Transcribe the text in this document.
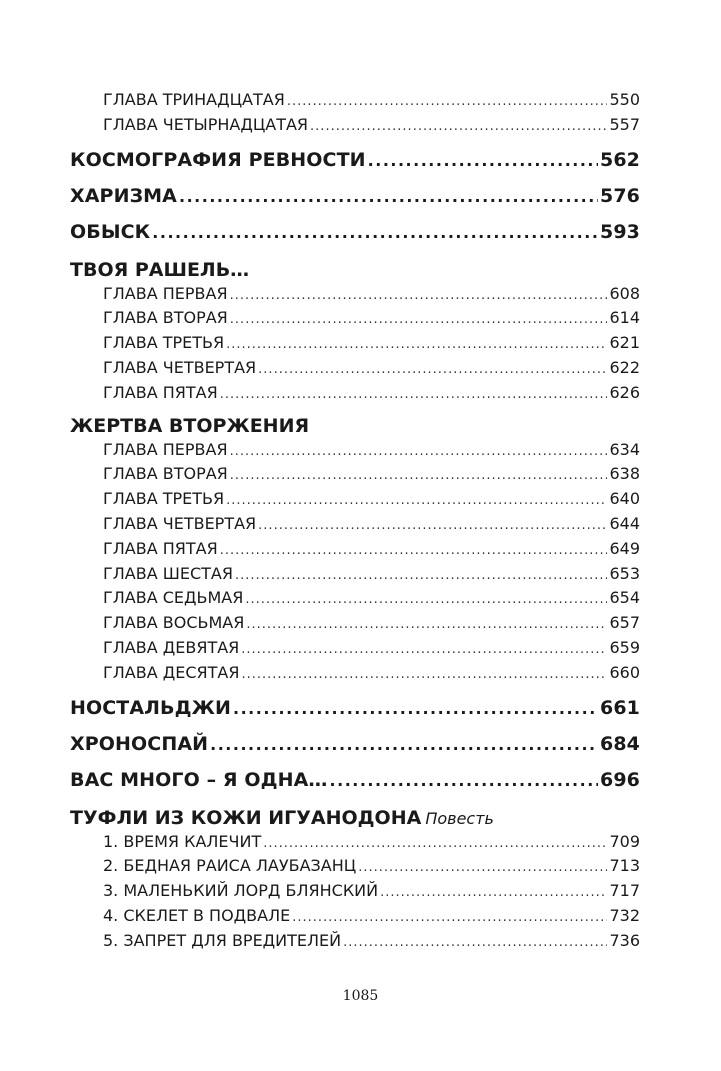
ГЛАВА ТРИНАДЦАТАЯ .....	550
ГЛАВА ЧЕТЫРНАДЦАТАЯ .....	557
КОСМОГРАФИЯ РЕВНОСТИ .....	562
ХАРИЗМА .....	576
ОБЫСК .....	593
ТВОЯ РАШЕЛЬ…
ГЛАВА ПЕРВАЯ .....	608
ГЛАВА ВТОРАЯ .....	614
ГЛАВА ТРЕТЬЯ .....	621
ГЛАВА ЧЕТВЕРТАЯ .....	622
ГЛАВА ПЯТАЯ .....	626
ЖЕРТВА ВТОРЖЕНИЯ
ГЛАВА ПЕРВАЯ .....	634
ГЛАВА ВТОРАЯ .....	638
ГЛАВА ТРЕТЬЯ .....	640
ГЛАВА ЧЕТВЕРТАЯ .....	644
ГЛАВА ПЯТАЯ .....	649
ГЛАВА ШЕСТАЯ .....	653
ГЛАВА СЕДЬМАЯ .....	654
ГЛАВА ВОСЬМАЯ .....	657
ГЛАВА ДЕВЯТАЯ .....	659
ГЛАВА ДЕСЯТАЯ .....	660
НОСТАЛЬДЖИ .....	661
ХРОНОСПАЙ .....	684
ВАС МНОГО – Я ОДНА… .....	696
ТУФЛИ ИЗ КОЖИ ИГУАНОДОНА Повесть
1. ВРЕМЯ КАЛЕЧИТ .....	709
2. БЕДНАЯ РАИСА ЛАУБАЗАНЦ .....	713
3. МАЛЕНЬКИЙ ЛОРД БЛЯНСКИЙ .....	717
4. СКЕЛЕТ В ПОДВАЛЕ .....	732
5. ЗАПРЕТ ДЛЯ ВРЕДИТЕЛЕЙ .....	736
1085
